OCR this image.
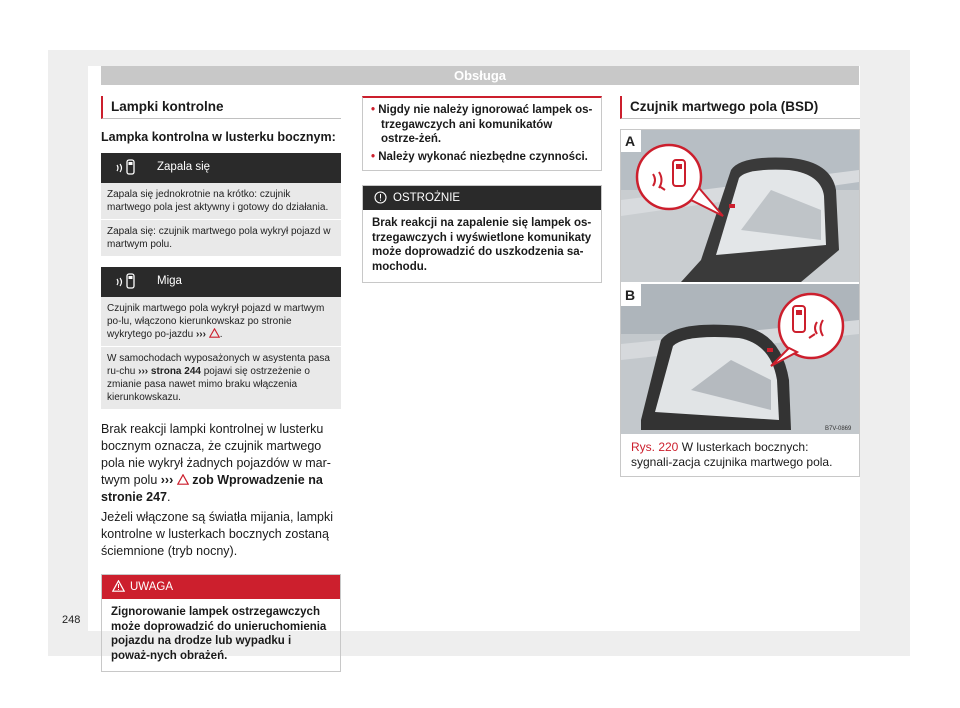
Obsługa
Lampki kontrolne

Lampka kontrolna w lusterku bocznym:

Zapala się
Zapala się jednokrotnie na krótko: czujnik martwego pola jest aktywny i gotowy do działania.
Zapala się: czujnik martwego pola wykrył pojazd w martwym polu.
Miga
Czujnik martwego pola wykrył pojazd w martwym po-lu, włączono kierunkowskaz po stronie wykrytego po-jazdu ››› .
W samochodach wyposażonych w asystenta pasa ru-chu ››› strona 244 pojawi się ostrzeżenie o zmianie pasa nawet mimo braku włączenia kierunkowskazu.
Brak reakcji lampki kontrolnej w lusterku bocznym oznacza, że czujnik martwego pola nie wykrył żadnych pojazdów w mar-twym polu ››› zob Wprowadzenie na stronie 247.
Jeżeli włączone są światła mijania, lampki kontrolne w lusterkach bocznych zostaną ściemnione (tryb nocny).
UWAGA
Zignorowanie lampek ostrzegawczych może doprowadzić do unieruchomienia pojazdu na drodze lub wypadku i poważ-nych obrażeń.
• Nigdy nie należy ignorować lampek os-trzegawczych ani komunikatów ostrze-żeń.
• Należy wykonać niezbędne czynności.
OSTROŻNIE
Brak reakcji na zapalenie się lampek os-trzegawczych i wyświetlone komunikaty może doprowadzić do uszkodzenia sa-mochodu.
Czujnik martwego pola (BSD)
A
B
B7V-0869
Rys. 220 W lusterkach bocznych: sygnali-zacja czujnika martwego pola.
248
